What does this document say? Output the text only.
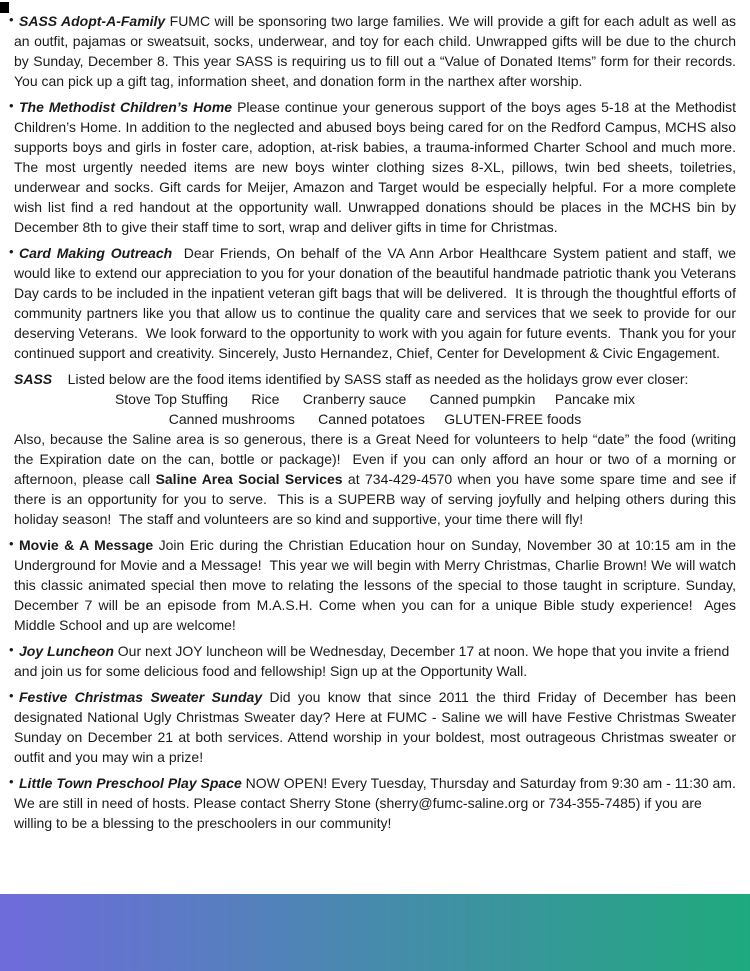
• SASS Adopt-A-Family FUMC will be sponsoring two large families. We will provide a gift for each adult as well as an outfit, pajamas or sweatsuit, socks, underwear, and toy for each child. Unwrapped gifts will be due to the church by Sunday, December 8. This year SASS is requiring us to fill out a “Value of Donated Items” form for their records. You can pick up a gift tag, information sheet, and donation form in the narthex after worship.
• The Methodist Children’s Home Please continue your generous support of the boys ages 5-18 at the Methodist Children’s Home. In addition to the neglected and abused boys being cared for on the Redford Campus, MCHS also supports boys and girls in foster care, adoption, at-risk babies, a trauma-informed Charter School and much more. The most urgently needed items are new boys winter clothing sizes 8-XL, pillows, twin bed sheets, toiletries, underwear and socks. Gift cards for Meijer, Amazon and Target would be especially helpful. For a more complete wish list find a red handout at the opportunity wall. Unwrapped donations should be places in the MCHS bin by December 8th to give their staff time to sort, wrap and deliver gifts in time for Christmas.
• Card Making Outreach  Dear Friends, On behalf of the VA Ann Arbor Healthcare System patient and staff, we would like to extend our appreciation to you for your donation of the beautiful handmade patriotic thank you Veterans Day cards to be included in the inpatient veteran gift bags that will be delivered.  It is through the thoughtful efforts of community partners like you that allow us to continue the quality care and services that we seek to provide for our deserving Veterans.  We look forward to the opportunity to work with you again for future events.  Thank you for your continued support and creativity. Sincerely, Justo Hernandez, Chief, Center for Development & Civic Engagement.
SASS    Listed below are the food items identified by SASS staff as needed as the holidays grow ever closer:
Stove Top Stuffing      Rice      Cranberry sauce      Canned pumpkin     Pancake mix
Canned mushrooms      Canned potatoes     GLUTEN-FREE foods
Also, because the Saline area is so generous, there is a Great Need for volunteers to help “date” the food (writing the Expiration date on the can, bottle or package)!  Even if you can only afford an hour or two of a morning or afternoon, please call Saline Area Social Services at 734-429-4570 when you have some spare time and see if there is an opportunity for you to serve.  This is a SUPERB way of serving joyfully and helping others during this holiday season!  The staff and volunteers are so kind and supportive, your time there will fly!
• Movie & A Message Join Eric during the Christian Education hour on Sunday, November 30 at 10:15 am in the Underground for Movie and a Message!  This year we will begin with Merry Christmas, Charlie Brown! We will watch this classic animated special then move to relating the lessons of the special to those taught in scripture. Sunday, December 7 will be an episode from M.A.S.H. Come when you can for a unique Bible study experience!  Ages Middle School and up are welcome!
• Joy Luncheon Our next JOY luncheon will be Wednesday, December 17 at noon. We hope that you invite a friend and join us for some delicious food and fellowship! Sign up at the Opportunity Wall.
• Festive Christmas Sweater Sunday Did you know that since 2011 the third Friday of December has been designated National Ugly Christmas Sweater day? Here at FUMC - Saline we will have Festive Christmas Sweater Sunday on December 21 at both services. Attend worship in your boldest, most outrageous Christmas sweater or outfit and you may win a prize!
• Little Town Preschool Play Space NOW OPEN! Every Tuesday, Thursday and Saturday from 9:30 am - 11:30 am. We are still in need of hosts. Please contact Sherry Stone (sherry@fumc-saline.org or 734-355-7485) if you are willing to be a blessing to the preschoolers in our community!
